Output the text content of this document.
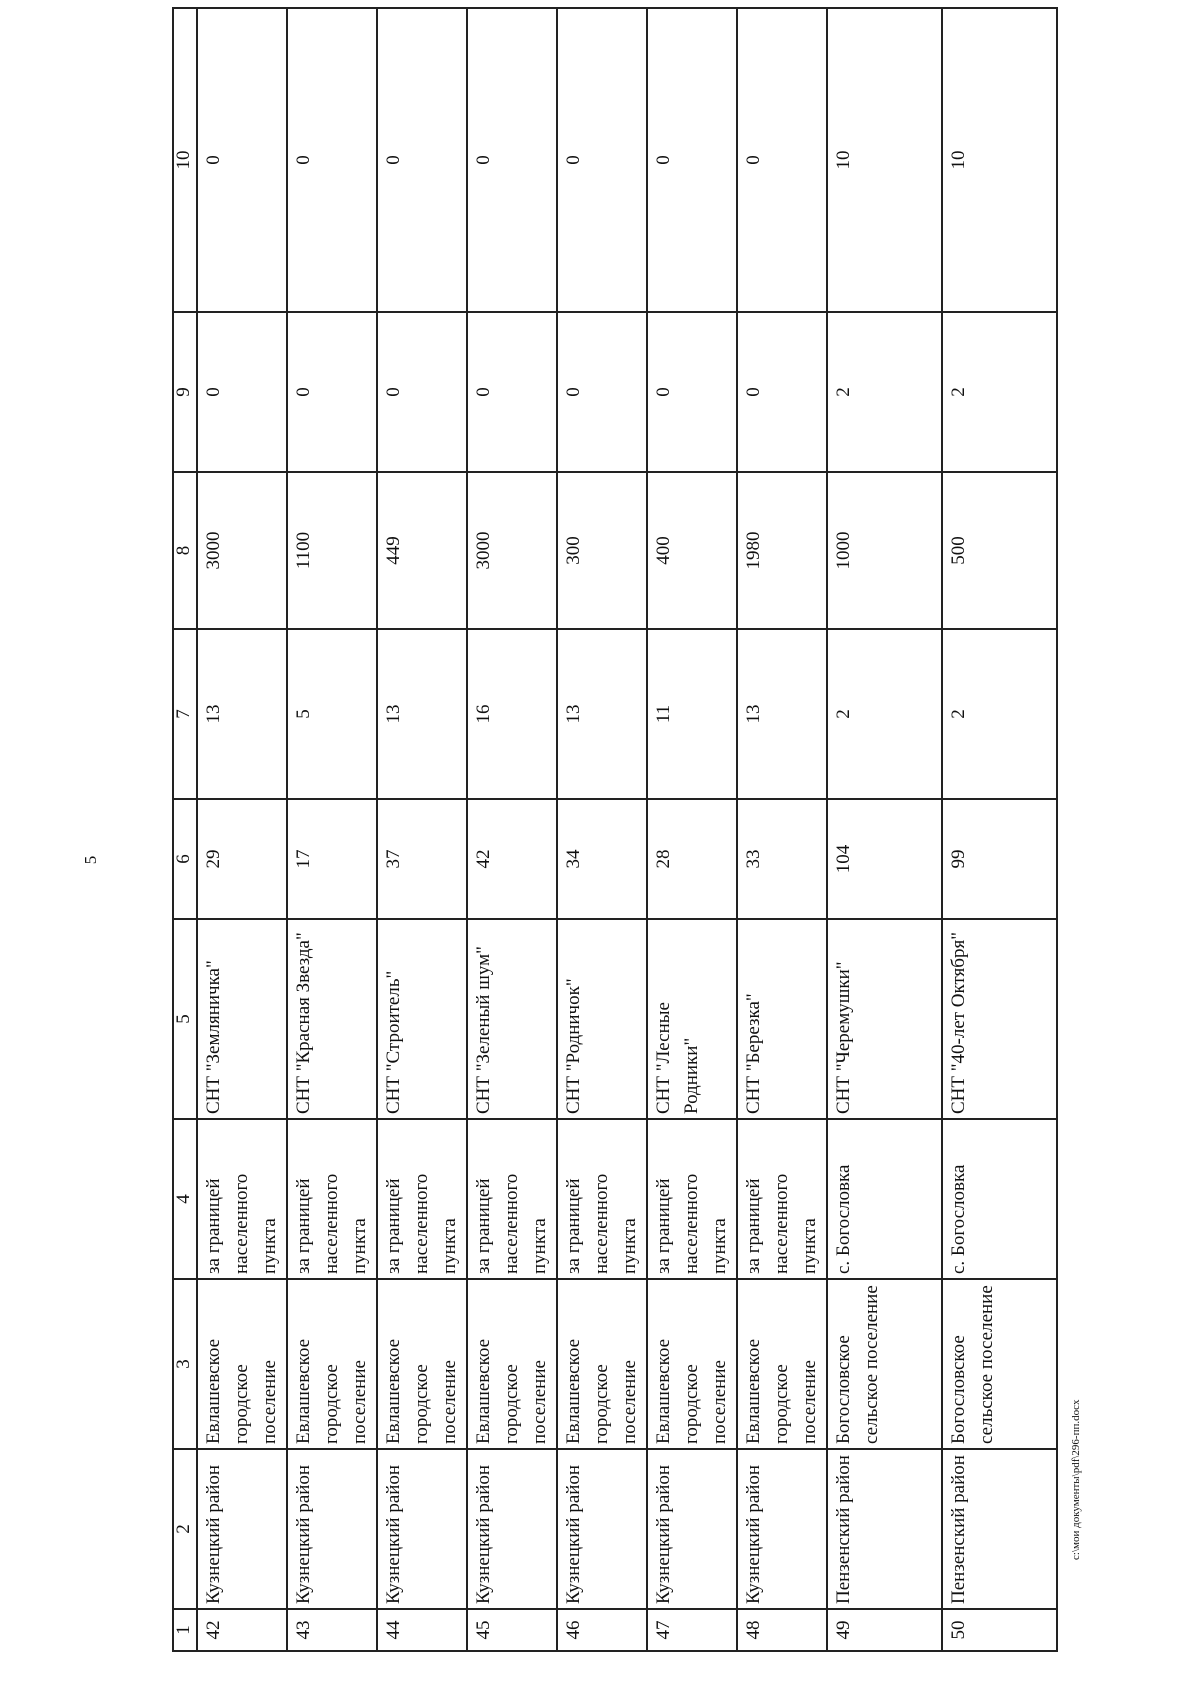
5
1	2	3	4	5	6	7	8	9	10
42	Кузнецкий район	Евлашевское городское поселение	за границей населенного пункта	СНТ "Земляничка"	29	13	3000	0	0
43	Кузнецкий район	Евлашевское городское поселение	за границей населенного пункта	СНТ "Красная Звезда"	17	5	1100	0	0
44	Кузнецкий район	Евлашевское городское поселение	за границей населенного пункта	СНТ "Строитель"	37	13	449	0	0
45	Кузнецкий район	Евлашевское городское поселение	за границей населенного пункта	СНТ "Зеленый шум"	42	16	3000	0	0
46	Кузнецкий район	Евлашевское городское поселение	за границей населенного пункта	СНТ "Родничок"	34	13	300	0	0
47	Кузнецкий район	Евлашевское городское поселение	за границей населенного пункта	СНТ "Лесные Родники"	28	11	400	0	0
48	Кузнецкий район	Евлашевское городское поселение	за границей населенного пункта	СНТ "Березка"	33	13	1980	0	0
49	Пензенский район	Богословское сельское поселение	с. Богословка	СНТ "Черемушки"	104	2	1000	2	10
50	Пензенский район	Богословское сельское поселение	с. Богословка	СНТ "40-лет Октября"	99	2	500	2	10
c:\мои документы\pdf\296-пп.docx
